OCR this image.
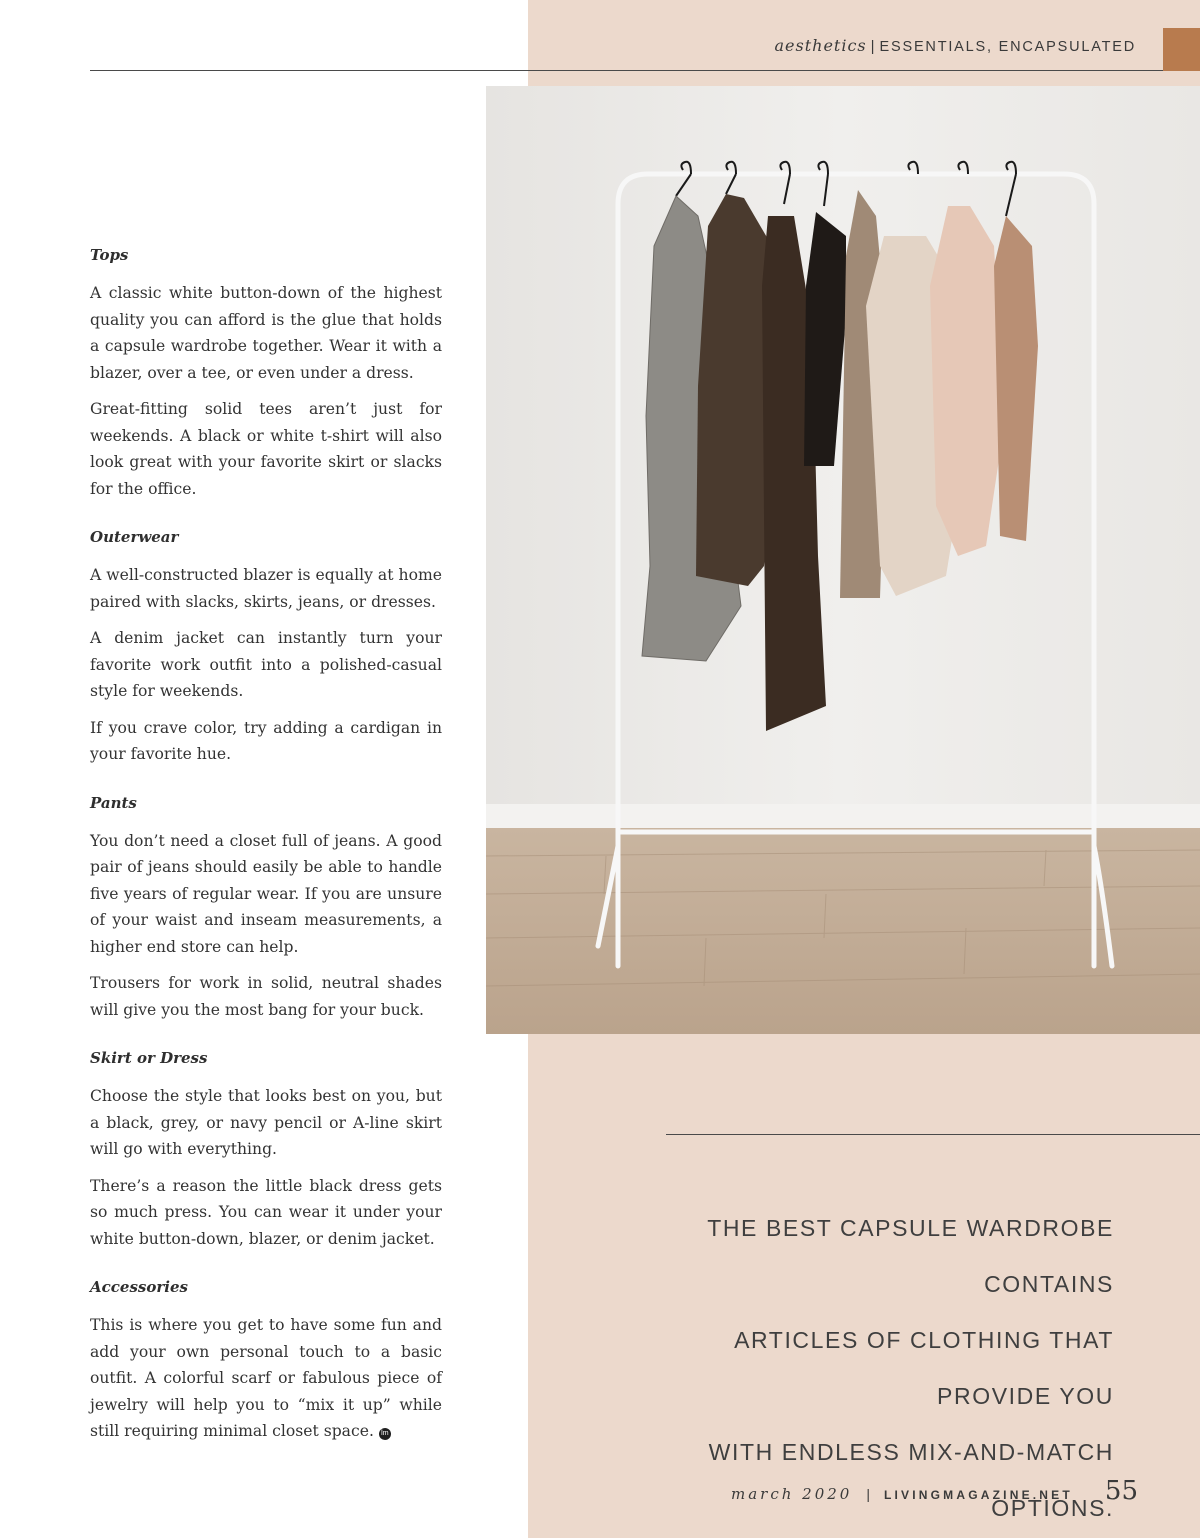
aesthetics | ESSENTIALS, ENCAPSULATED
Tops

A classic white button-down of the highest quality you can afford is the glue that holds a capsule wardrobe together. Wear it with a blazer, over a tee, or even under a dress.

Great-fitting solid tees aren’t just for weekends. A black or white t-shirt will also look great with your favorite skirt or slacks for the office.

Outerwear

A well-constructed blazer is equally at home paired with slacks, skirts, jeans, or dresses.

A denim jacket can instantly turn your favorite work outfit into a polished-casual style for weekends.

If you crave color, try adding a cardigan in your favorite hue.

Pants

You don’t need a closet full of jeans. A good pair of jeans should easily be able to handle five years of regular wear. If you are unsure of your waist and inseam measurements, a higher end store can help.

Trousers for work in solid, neutral shades will give you the most bang for your buck.

Skirt or Dress

Choose the style that looks best on you, but a black, grey, or navy pencil or A-line skirt will go with everything.

There’s a reason the little black dress gets so much press. You can wear it under your white button-down, blazer, or denim jacket.

Accessories

This is where you get to have some fun and add your own personal touch to a basic outfit. A colorful scarf or fabulous piece of jewelry will help you to “mix it up” while still requiring minimal closet space. lm

THE BEST CAPSULE WARDROBE CONTAINS
ARTICLES OF CLOTHING THAT PROVIDE YOU
WITH ENDLESS MIX-AND-MATCH OPTIONS.
march 2020 | LIVINGMAGAZINE.NET 55
